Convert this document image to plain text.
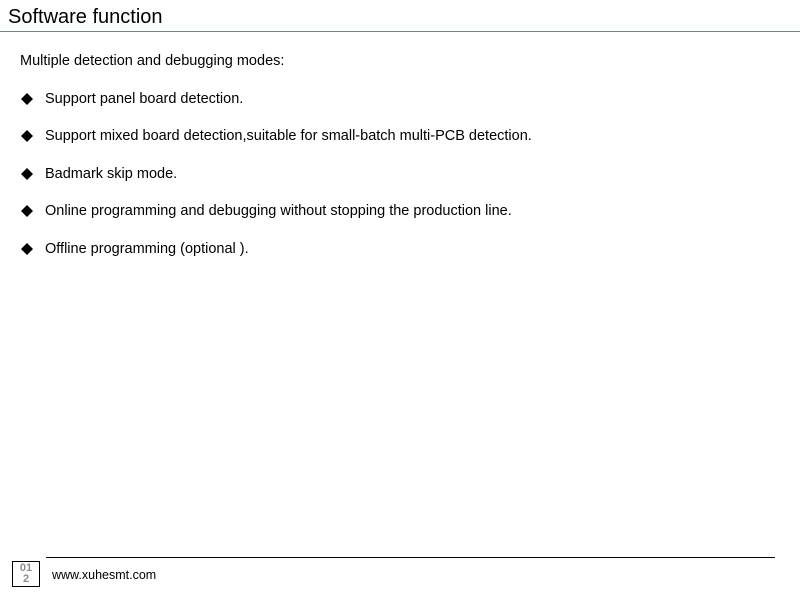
Software function
Multiple detection and debugging modes:
Support panel board detection.
Support mixed board detection,suitable for small-batch multi-PCB detection.
Badmark skip mode.
Online programming and debugging without stopping the production line.
Offline programming (optional ).
012	www.xuhesmt.com
